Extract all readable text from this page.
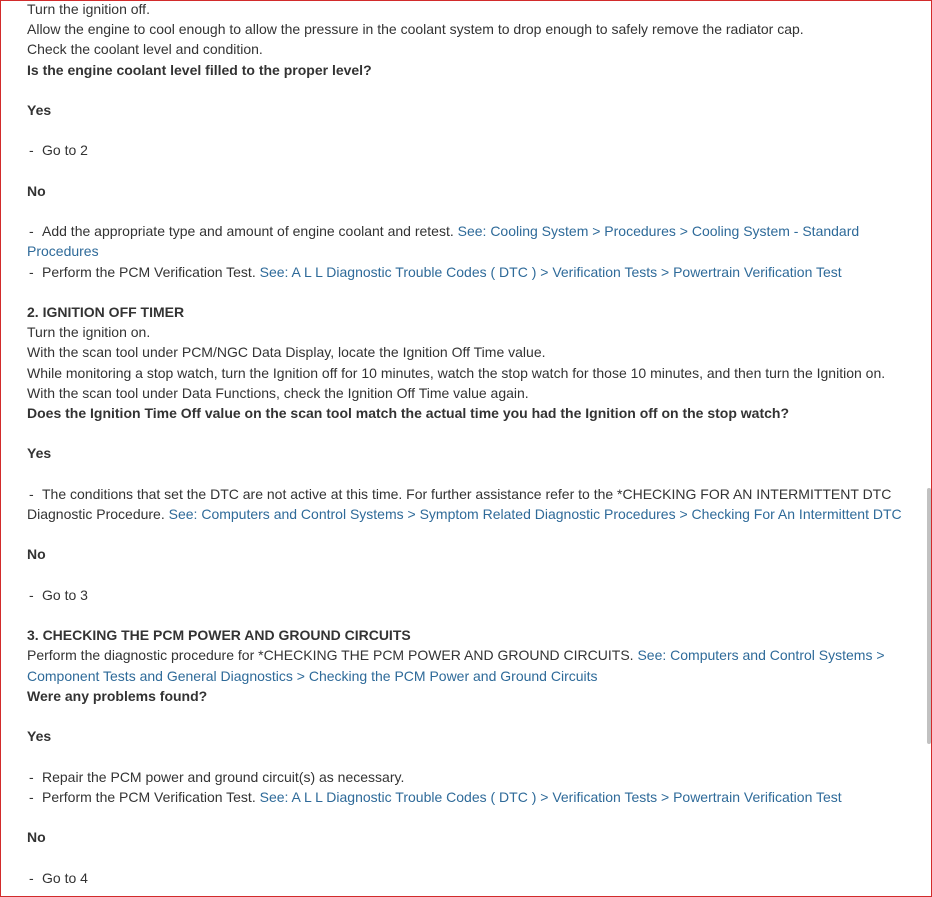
Turn the ignition off.
Allow the engine to cool enough to allow the pressure in the coolant system to drop enough to safely remove the radiator cap.
Check the coolant level and condition.
Is the engine coolant level filled to the proper level?
Yes
- Go to 2
No
- Add the appropriate type and amount of engine coolant and retest. See: Cooling System > Procedures > Cooling System - Standard Procedures
- Perform the PCM Verification Test. See: A L L Diagnostic Trouble Codes ( DTC ) > Verification Tests > Powertrain Verification Test
2. IGNITION OFF TIMER
Turn the ignition on.
With the scan tool under PCM/NGC Data Display, locate the Ignition Off Time value.
While monitoring a stop watch, turn the Ignition off for 10 minutes, watch the stop watch for those 10 minutes, and then turn the Ignition on.
With the scan tool under Data Functions, check the Ignition Off Time value again.
Does the Ignition Time Off value on the scan tool match the actual time you had the Ignition off on the stop watch?
Yes
- The conditions that set the DTC are not active at this time. For further assistance refer to the *CHECKING FOR AN INTERMITTENT DTC Diagnostic Procedure. See: Computers and Control Systems > Symptom Related Diagnostic Procedures > Checking For An Intermittent DTC
No
- Go to 3
3. CHECKING THE PCM POWER AND GROUND CIRCUITS
Perform the diagnostic procedure for *CHECKING THE PCM POWER AND GROUND CIRCUITS. See: Computers and Control Systems > Component Tests and General Diagnostics > Checking the PCM Power and Ground Circuits
Were any problems found?
Yes
- Repair the PCM power and ground circuit(s) as necessary.
- Perform the PCM Verification Test. See: A L L Diagnostic Trouble Codes ( DTC ) > Verification Tests > Powertrain Verification Test
No
- Go to 4
